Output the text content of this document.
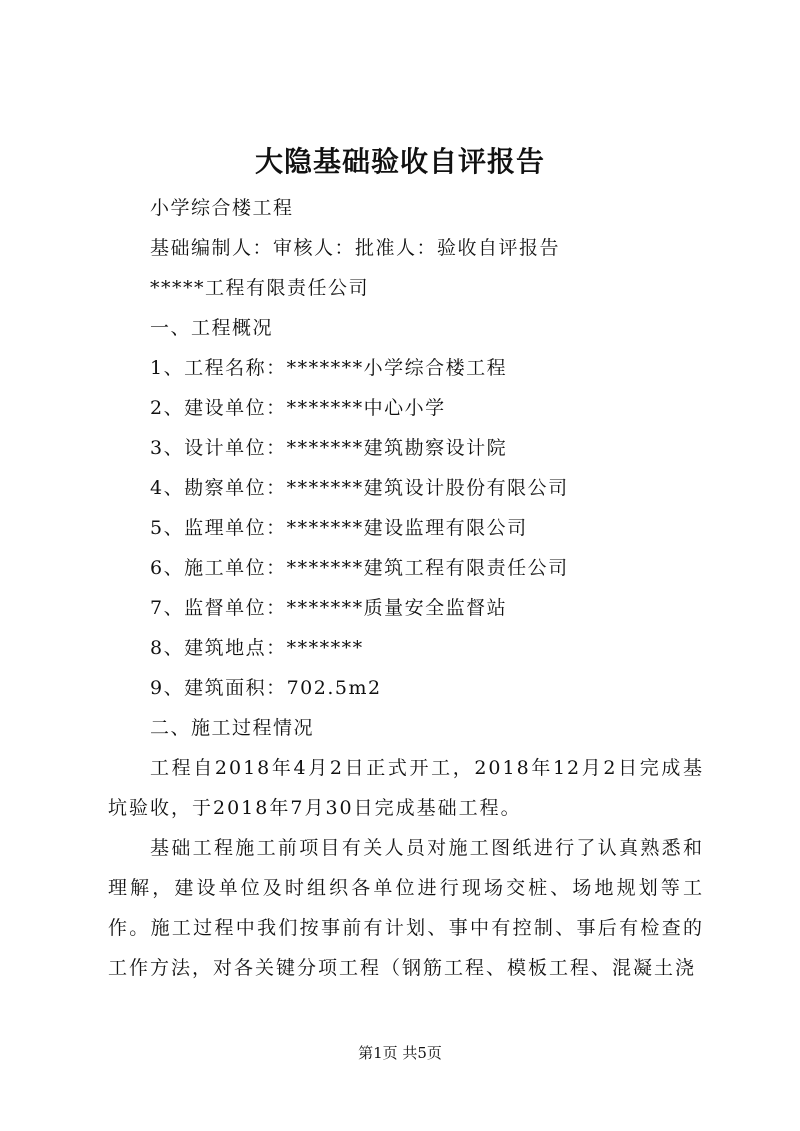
大隐基础验收自评报告
小学综合楼工程
基础编制人：审核人：批准人：验收自评报告
*****工程有限责任公司
一、工程概况
1、工程名称：*******小学综合楼工程
2、建设单位：*******中心小学
3、设计单位：*******建筑勘察设计院
4、勘察单位：*******建筑设计股份有限公司
5、监理单位：*******建设监理有限公司
6、施工单位：*******建筑工程有限责任公司
7、监督单位：*******质量安全监督站
8、建筑地点：*******
9、建筑面积：702.5m2
二、施工过程情况
工程自2018年4月2日正式开工，2018年12月2日完成基坑验收，于2018年7月30日完成基础工程。
基础工程施工前项目有关人员对施工图纸进行了认真熟悉和理解，建设单位及时组织各单位进行现场交桩、场地规划等工作。施工过程中我们按事前有计划、事中有控制、事后有检查的工作方法，对各关键分项工程（钢筋工程、模板工程、混凝土浇
第1页 共5页
